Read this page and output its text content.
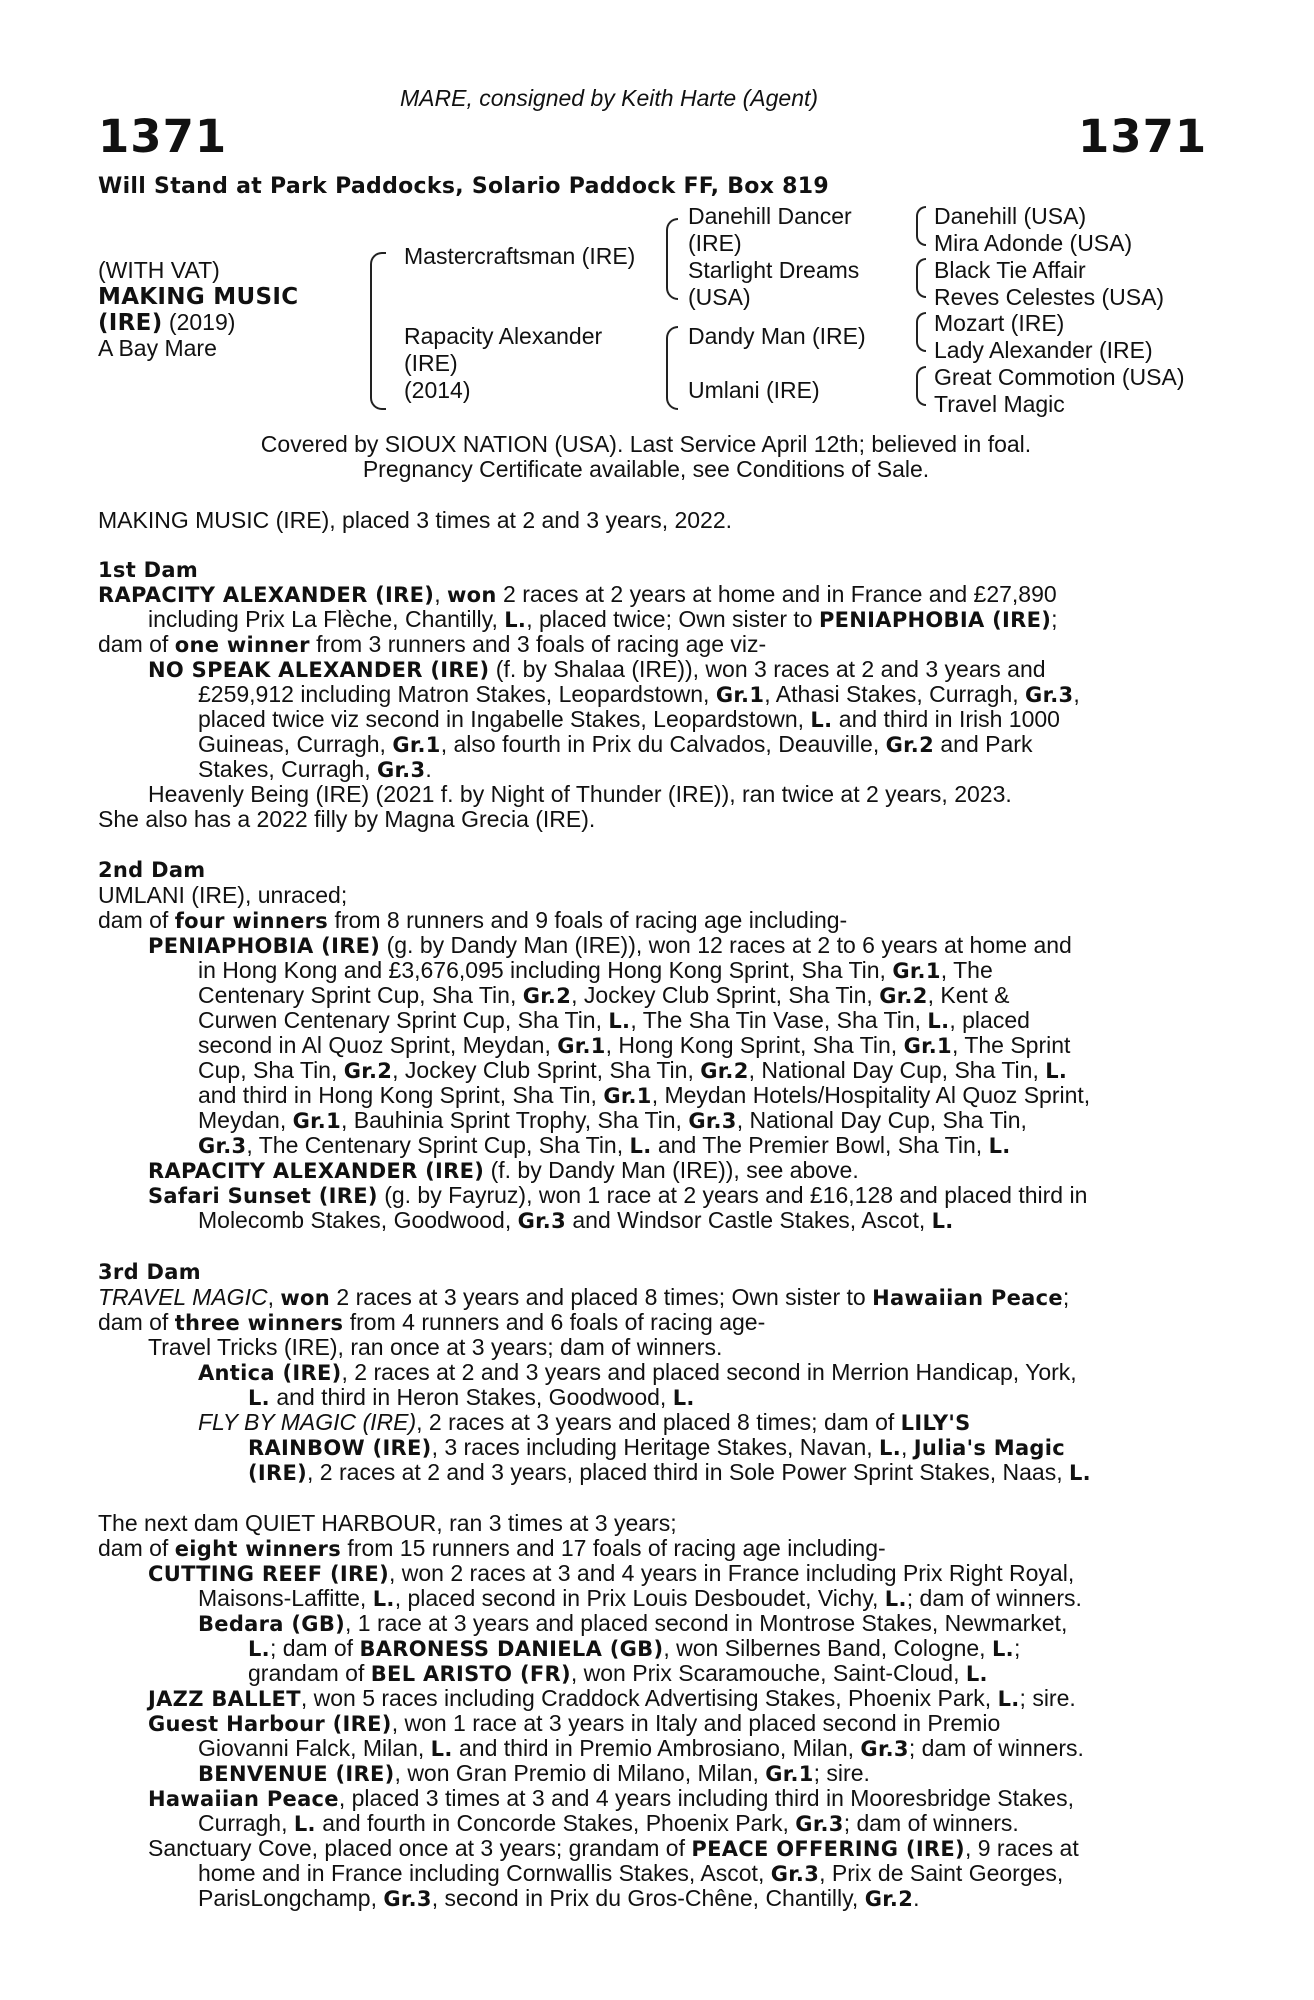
MARE, consigned by Keith Harte (Agent)
1371	1371
Will Stand at Park Paddocks, Solario Paddock FF, Box 819
(WITH VAT)
MAKING MUSIC
(IRE) (2019)
A Bay Mare
Mastercraftsman (IRE)
Rapacity Alexander
(IRE)
(2014)
Danehill Dancer
(IRE)
Starlight Dreams
(USA)
Dandy Man (IRE)
Umlani (IRE)
Danehill (USA)
Mira Adonde (USA)
Black Tie Affair
Reves Celestes (USA)
Mozart (IRE)
Lady Alexander (IRE)
Great Commotion (USA)
Travel Magic
Covered by SIOUX NATION (USA). Last Service April 12th; believed in foal.
Pregnancy Certificate available, see Conditions of Sale.
MAKING MUSIC (IRE), placed 3 times at 2 and 3 years, 2022.
1st Dam
RAPACITY ALEXANDER (IRE), won 2 races at 2 years at home and in France and £27,890
including Prix La Flèche, Chantilly, L., placed twice; Own sister to PENIAPHOBIA (IRE);
dam of one winner from 3 runners and 3 foals of racing age viz-
NO SPEAK ALEXANDER (IRE) (f. by Shalaa (IRE)), won 3 races at 2 and 3 years and
£259,912 including Matron Stakes, Leopardstown, Gr.1, Athasi Stakes, Curragh, Gr.3,
placed twice viz second in Ingabelle Stakes, Leopardstown, L. and third in Irish 1000
Guineas, Curragh, Gr.1, also fourth in Prix du Calvados, Deauville, Gr.2 and Park
Stakes, Curragh, Gr.3.
Heavenly Being (IRE) (2021 f. by Night of Thunder (IRE)), ran twice at 2 years, 2023.
She also has a 2022 filly by Magna Grecia (IRE).
2nd Dam
UMLANI (IRE), unraced;
dam of four winners from 8 runners and 9 foals of racing age including-
PENIAPHOBIA (IRE) (g. by Dandy Man (IRE)), won 12 races at 2 to 6 years at home and
in Hong Kong and £3,676,095 including Hong Kong Sprint, Sha Tin, Gr.1, The
Centenary Sprint Cup, Sha Tin, Gr.2, Jockey Club Sprint, Sha Tin, Gr.2, Kent &
Curwen Centenary Sprint Cup, Sha Tin, L., The Sha Tin Vase, Sha Tin, L., placed
second in Al Quoz Sprint, Meydan, Gr.1, Hong Kong Sprint, Sha Tin, Gr.1, The Sprint
Cup, Sha Tin, Gr.2, Jockey Club Sprint, Sha Tin, Gr.2, National Day Cup, Sha Tin, L.
and third in Hong Kong Sprint, Sha Tin, Gr.1, Meydan Hotels/Hospitality Al Quoz Sprint,
Meydan, Gr.1, Bauhinia Sprint Trophy, Sha Tin, Gr.3, National Day Cup, Sha Tin,
Gr.3, The Centenary Sprint Cup, Sha Tin, L. and The Premier Bowl, Sha Tin, L.
RAPACITY ALEXANDER (IRE) (f. by Dandy Man (IRE)), see above.
Safari Sunset (IRE) (g. by Fayruz), won 1 race at 2 years and £16,128 and placed third in
Molecomb Stakes, Goodwood, Gr.3 and Windsor Castle Stakes, Ascot, L.
3rd Dam
TRAVEL MAGIC, won 2 races at 3 years and placed 8 times; Own sister to Hawaiian Peace;
dam of three winners from 4 runners and 6 foals of racing age-
Travel Tricks (IRE), ran once at 3 years; dam of winners.
Antica (IRE), 2 races at 2 and 3 years and placed second in Merrion Handicap, York,
L. and third in Heron Stakes, Goodwood, L.
FLY BY MAGIC (IRE), 2 races at 3 years and placed 8 times; dam of LILY'S
RAINBOW (IRE), 3 races including Heritage Stakes, Navan, L., Julia's Magic
(IRE), 2 races at 2 and 3 years, placed third in Sole Power Sprint Stakes, Naas, L.
The next dam QUIET HARBOUR, ran 3 times at 3 years;
dam of eight winners from 15 runners and 17 foals of racing age including-
CUTTING REEF (IRE), won 2 races at 3 and 4 years in France including Prix Right Royal,
Maisons-Laffitte, L., placed second in Prix Louis Desboudet, Vichy, L.; dam of winners.
Bedara (GB), 1 race at 3 years and placed second in Montrose Stakes, Newmarket,
L.; dam of BARONESS DANIELA (GB), won Silbernes Band, Cologne, L.;
grandam of BEL ARISTO (FR), won Prix Scaramouche, Saint-Cloud, L.
JAZZ BALLET, won 5 races including Craddock Advertising Stakes, Phoenix Park, L.; sire.
Guest Harbour (IRE), won 1 race at 3 years in Italy and placed second in Premio
Giovanni Falck, Milan, L. and third in Premio Ambrosiano, Milan, Gr.3; dam of winners.
BENVENUE (IRE), won Gran Premio di Milano, Milan, Gr.1; sire.
Hawaiian Peace, placed 3 times at 3 and 4 years including third in Mooresbridge Stakes,
Curragh, L. and fourth in Concorde Stakes, Phoenix Park, Gr.3; dam of winners.
Sanctuary Cove, placed once at 3 years; grandam of PEACE OFFERING (IRE), 9 races at
home and in France including Cornwallis Stakes, Ascot, Gr.3, Prix de Saint Georges,
ParisLongchamp, Gr.3, second in Prix du Gros-Chêne, Chantilly, Gr.2.
